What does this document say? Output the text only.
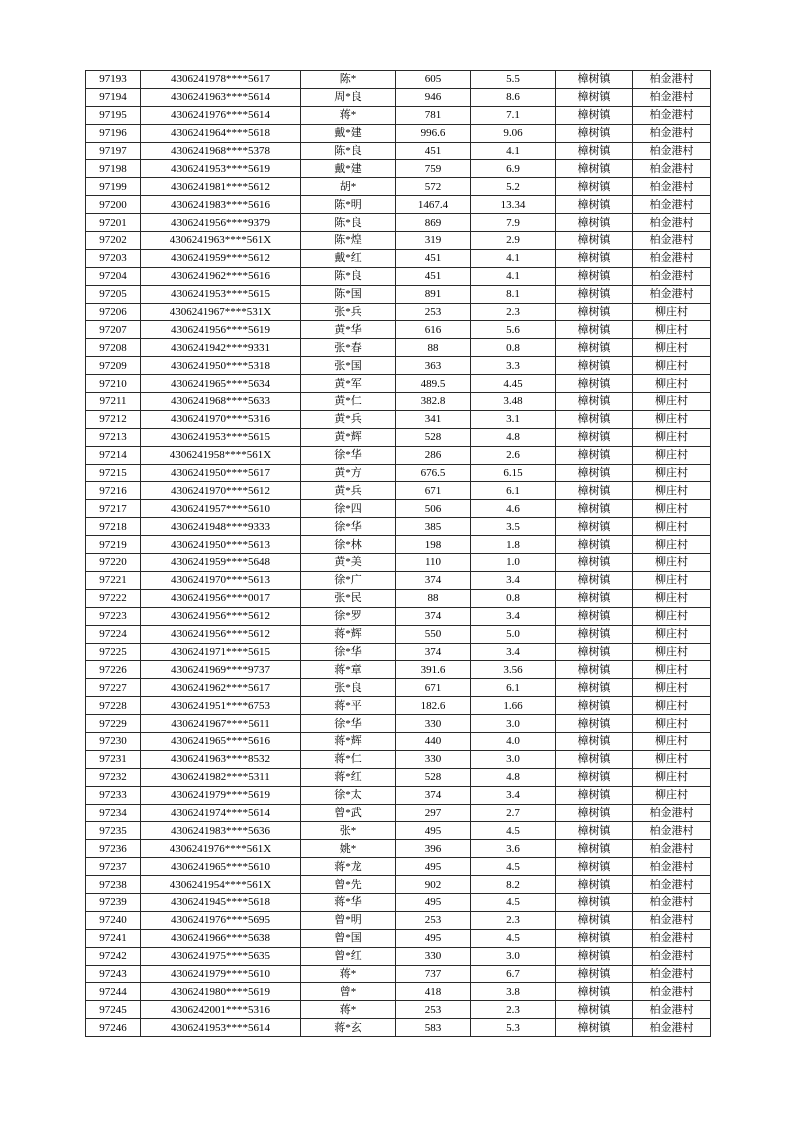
97193	4306241978****5617	陈*	605	5.5	樟树镇	柏金港村
97194	4306241963****5614	周*良	946	8.6	樟树镇	柏金港村
97195	4306241976****5614	蒋*	781	7.1	樟树镇	柏金港村
97196	4306241964****5618	戴*建	996.6	9.06	樟树镇	柏金港村
97197	4306241968****5378	陈*良	451	4.1	樟树镇	柏金港村
97198	4306241953****5619	戴*建	759	6.9	樟树镇	柏金港村
97199	4306241981****5612	胡*	572	5.2	樟树镇	柏金港村
97200	4306241983****5616	陈*明	1467.4	13.34	樟树镇	柏金港村
97201	4306241956****9379	陈*良	869	7.9	樟树镇	柏金港村
97202	4306241963****561X	陈*煌	319	2.9	樟树镇	柏金港村
97203	4306241959****5612	戴*红	451	4.1	樟树镇	柏金港村
97204	4306241962****5616	陈*良	451	4.1	樟树镇	柏金港村
97205	4306241953****5615	陈*国	891	8.1	樟树镇	柏金港村
97206	4306241967****531X	张*兵	253	2.3	樟树镇	柳庄村
97207	4306241956****5619	黄*华	616	5.6	樟树镇	柳庄村
97208	4306241942****9331	张*春	88	0.8	樟树镇	柳庄村
97209	4306241950****5318	张*国	363	3.3	樟树镇	柳庄村
97210	4306241965****5634	黄*军	489.5	4.45	樟树镇	柳庄村
97211	4306241968****5633	黄*仁	382.8	3.48	樟树镇	柳庄村
97212	4306241970****5316	黄*兵	341	3.1	樟树镇	柳庄村
97213	4306241953****5615	黄*辉	528	4.8	樟树镇	柳庄村
97214	4306241958****561X	徐*华	286	2.6	樟树镇	柳庄村
97215	4306241950****5617	黄*方	676.5	6.15	樟树镇	柳庄村
97216	4306241970****5612	黄*兵	671	6.1	樟树镇	柳庄村
97217	4306241957****5610	徐*四	506	4.6	樟树镇	柳庄村
97218	4306241948****9333	徐*华	385	3.5	樟树镇	柳庄村
97219	4306241950****5613	徐*林	198	1.8	樟树镇	柳庄村
97220	4306241959****5648	黄*美	110	1.0	樟树镇	柳庄村
97221	4306241970****5613	徐*广	374	3.4	樟树镇	柳庄村
97222	4306241956****0017	张*民	88	0.8	樟树镇	柳庄村
97223	4306241956****5612	徐*罗	374	3.4	樟树镇	柳庄村
97224	4306241956****5612	蒋*辉	550	5.0	樟树镇	柳庄村
97225	4306241971****5615	徐*华	374	3.4	樟树镇	柳庄村
97226	4306241969****9737	蒋*章	391.6	3.56	樟树镇	柳庄村
97227	4306241962****5617	张*良	671	6.1	樟树镇	柳庄村
97228	4306241951****6753	蒋*平	182.6	1.66	樟树镇	柳庄村
97229	4306241967****5611	徐*华	330	3.0	樟树镇	柳庄村
97230	4306241965****5616	蒋*辉	440	4.0	樟树镇	柳庄村
97231	4306241963****8532	蒋*仁	330	3.0	樟树镇	柳庄村
97232	4306241982****5311	蒋*红	528	4.8	樟树镇	柳庄村
97233	4306241979****5619	徐*太	374	3.4	樟树镇	柳庄村
97234	4306241974****5614	曾*武	297	2.7	樟树镇	柏金港村
97235	4306241983****5636	张*	495	4.5	樟树镇	柏金港村
97236	4306241976****561X	姚*	396	3.6	樟树镇	柏金港村
97237	4306241965****5610	蒋*龙	495	4.5	樟树镇	柏金港村
97238	4306241954****561X	曾*先	902	8.2	樟树镇	柏金港村
97239	4306241945****5618	蒋*华	495	4.5	樟树镇	柏金港村
97240	4306241976****5695	曾*明	253	2.3	樟树镇	柏金港村
97241	4306241966****5638	曾*国	495	4.5	樟树镇	柏金港村
97242	4306241975****5635	曾*红	330	3.0	樟树镇	柏金港村
97243	4306241979****5610	蒋*	737	6.7	樟树镇	柏金港村
97244	4306241980****5619	曾*	418	3.8	樟树镇	柏金港村
97245	4306242001****5316	蒋*	253	2.3	樟树镇	柏金港村
97246	4306241953****5614	蒋*玄	583	5.3	樟树镇	柏金港村
